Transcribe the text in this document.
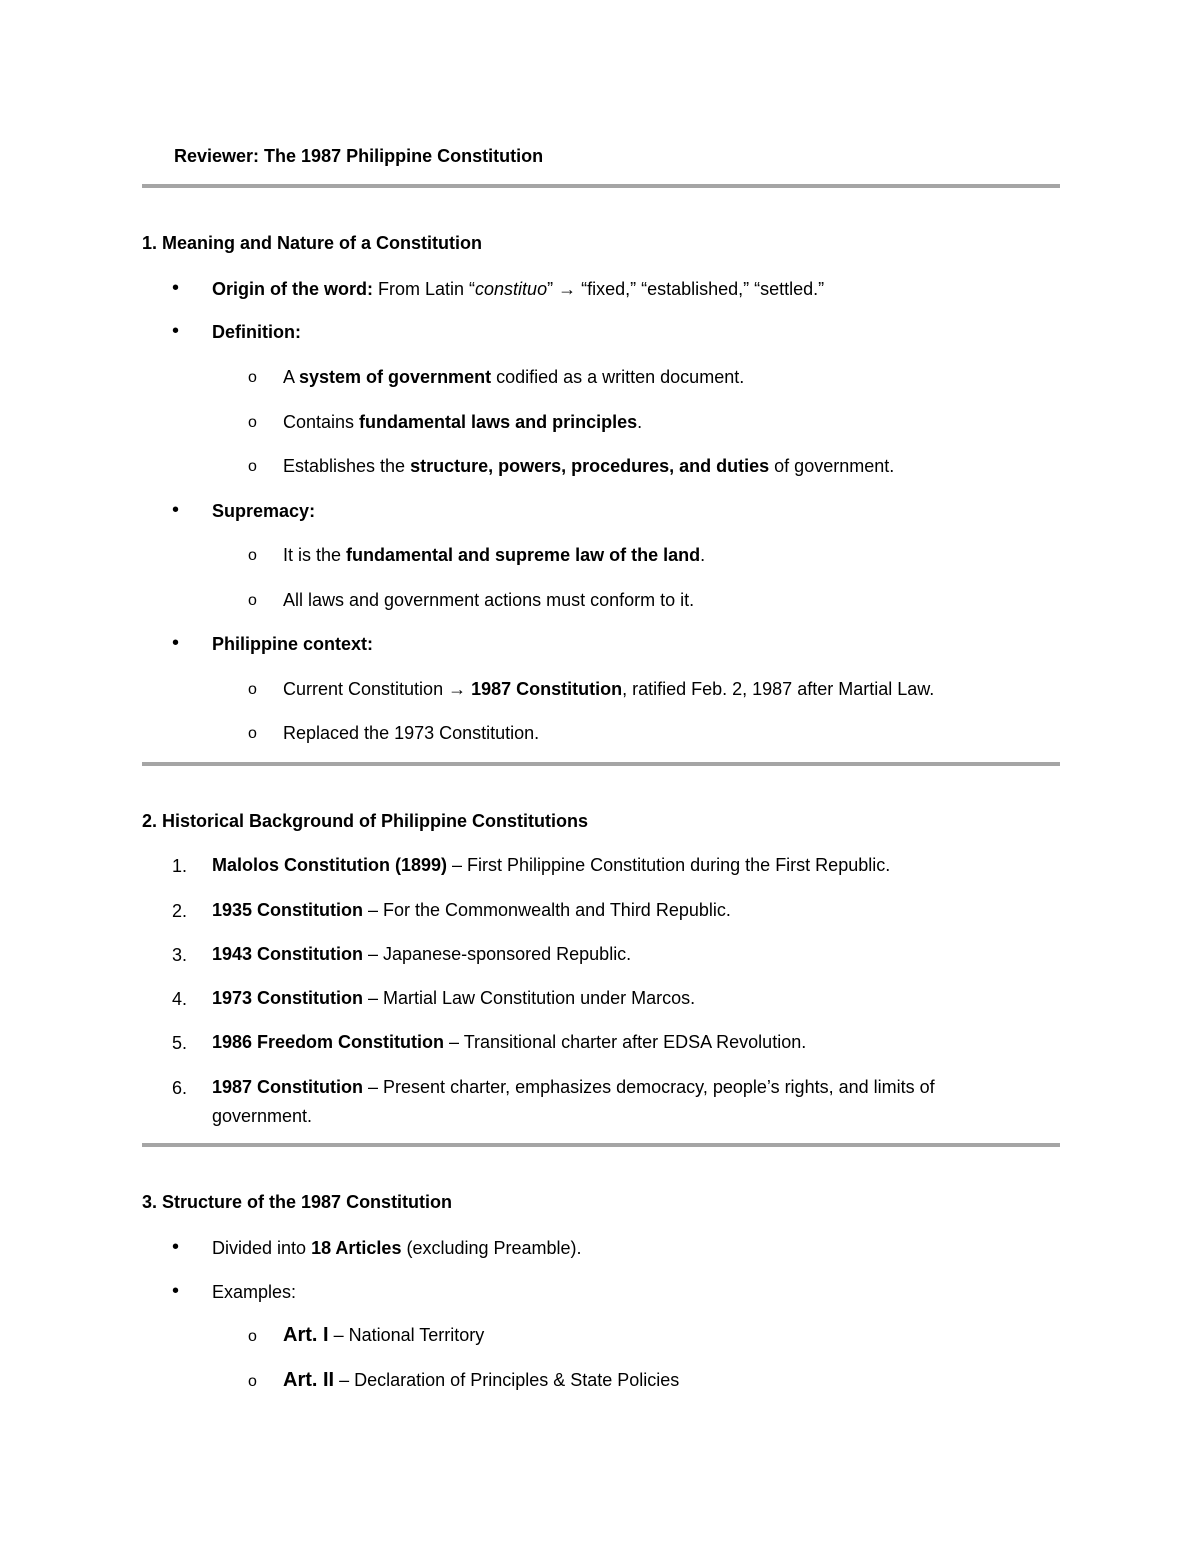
Reviewer: The 1987 Philippine Constitution
1. Meaning and Nature of a Constitution
• Origin of the word: From Latin “constituo” → “fixed,” “established,” “settled.”
• Definition:
o A system of government codified as a written document.
o Contains fundamental laws and principles.
o Establishes the structure, powers, procedures, and duties of government.
• Supremacy:
o It is the fundamental and supreme law of the land.
o All laws and government actions must conform to it.
• Philippine context:
o Current Constitution → 1987 Constitution, ratified Feb. 2, 1987 after Martial Law.
o Replaced the 1973 Constitution.
2. Historical Background of Philippine Constitutions
1. Malolos Constitution (1899) – First Philippine Constitution during the First Republic.
2. 1935 Constitution – For the Commonwealth and Third Republic.
3. 1943 Constitution – Japanese-sponsored Republic.
4. 1973 Constitution – Martial Law Constitution under Marcos.
5. 1986 Freedom Constitution – Transitional charter after EDSA Revolution.
6. 1987 Constitution – Present charter, emphasizes democracy, people’s rights, and limits of
government.
3. Structure of the 1987 Constitution
• Divided into 18 Articles (excluding Preamble).
• Examples:
o Art. I – National Territory
o Art. II – Declaration of Principles & State Policies
